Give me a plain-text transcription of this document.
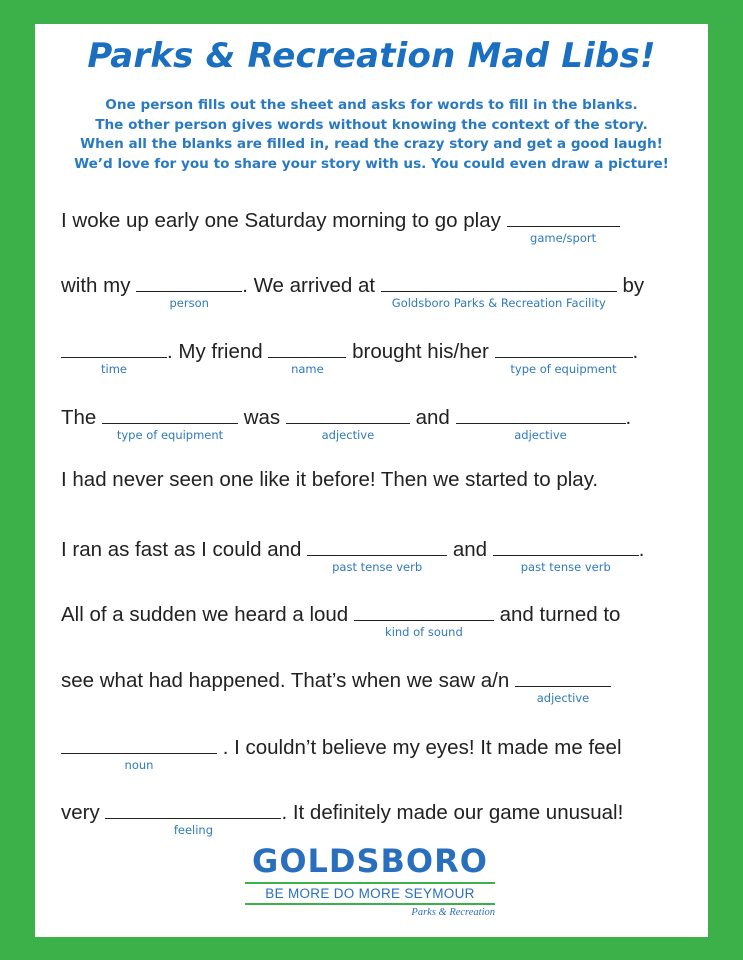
Parks & Recreation Mad Libs!
One person fills out the sheet and asks for words to fill in the blanks.
The other person gives words without knowing the context of the story.
When all the blanks are filled in, read the crazy story and get a good laugh!
We’d love for you to share your story with us. You could even draw a picture!
I woke up early one Saturday morning to go play
game/sport
with my
person
. We arrived at
Goldsboro Parks & Recreation Facility
by
time
. My friend
name
brought his/her
type of equipment
.
The
type of equipment
was
adjective
and
adjective
.
I had never seen one like it before! Then we started to play.
I ran as fast as I could and
past tense verb
and
past tense verb
.
All of a sudden we heard a loud
kind of sound
and turned to
see what had happened. That’s when we saw a/n
adjective
noun
. I couldn’t believe my eyes! It made me feel
very
feeling
. It definitely made our game unusual!
GOLDSBORO
BE MORE DO MORE SEYMOUR
Parks & Recreation
